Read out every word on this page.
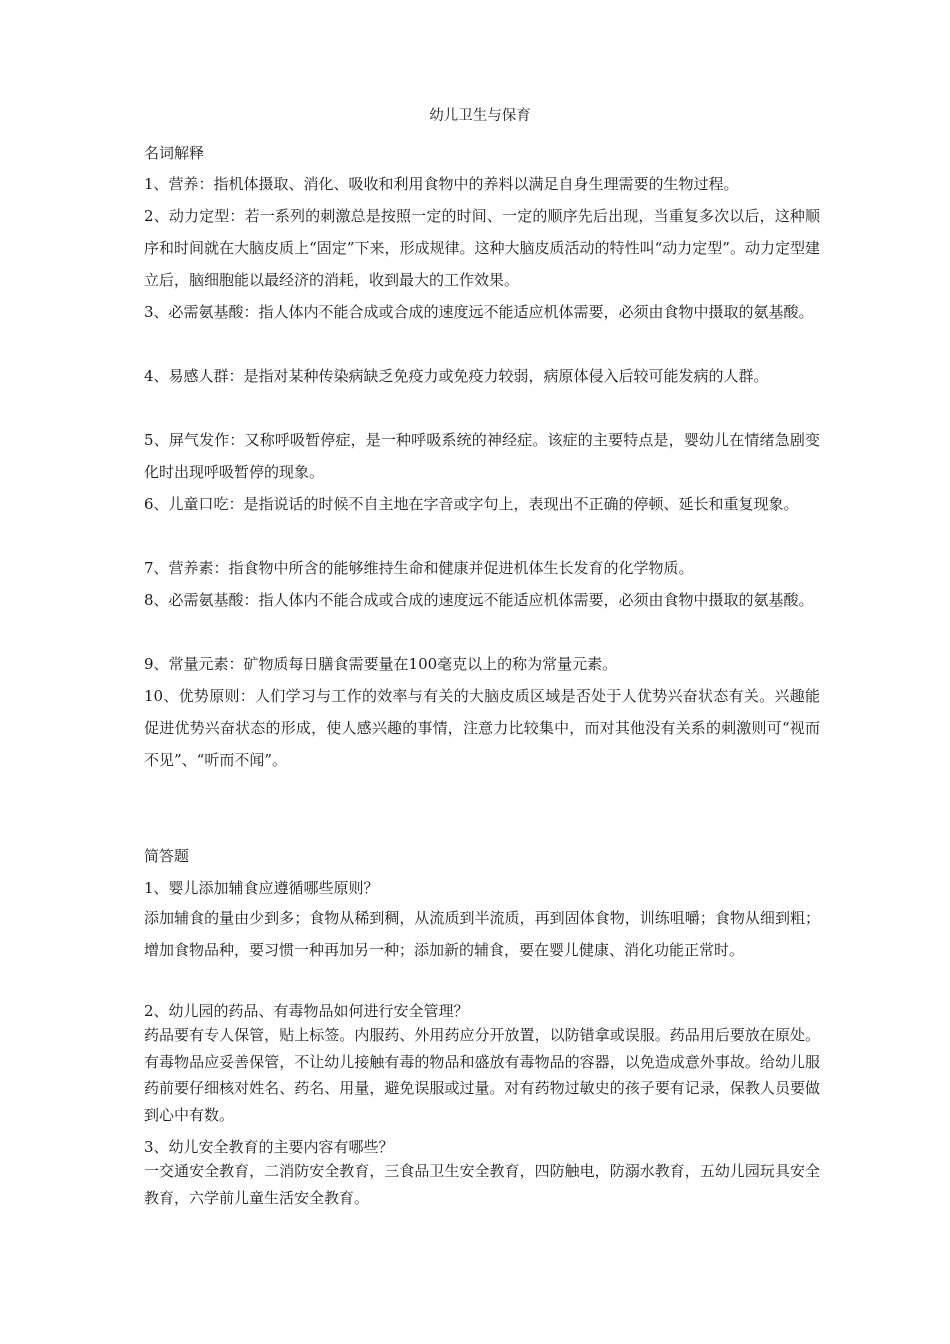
幼儿卫生与保育
名词解释

1、营养：指机体摄取、消化、吸收和利用食物中的养料以满足自身生理需要的生物过程。

2、动力定型：若一系列的刺激总是按照一定的时间、一定的顺序先后出现，当重复多次以后，这种顺序和时间就在大脑皮质上“固定”下来，形成规律。这种大脑皮质活动的特性叫“动力定型”。动力定型建立后，脑细胞能以最经济的消耗，收到最大的工作效果。

3、必需氨基酸：指人体内不能合成或合成的速度远不能适应机体需要，必须由食物中摄取的氨基酸。

4、易感人群：是指对某种传染病缺乏免疫力或免疫力较弱，病原体侵入后较可能发病的人群。

5、屏气发作：又称呼吸暂停症，是一种呼吸系统的神经症。该症的主要特点是，婴幼儿在情绪急剧变化时出现呼吸暂停的现象。

6、儿童口吃：是指说话的时候不自主地在字音或字句上，表现出不正确的停顿、延长和重复现象。

7、营养素：指食物中所含的能够维持生命和健康并促进机体生长发育的化学物质。

8、必需氨基酸：指人体内不能合成或合成的速度远不能适应机体需要，必须由食物中摄取的氨基酸。

9、常量元素：矿物质每日膳食需要量在100毫克以上的称为常量元素。

10、优势原则：人们学习与工作的效率与有关的大脑皮质区域是否处于人优势兴奋状态有关。兴趣能促进优势兴奋状态的形成，使人感兴趣的事情，注意力比较集中，而对其他没有关系的刺激则可“视而不见”、“听而不闻”。

简答题
1、婴儿添加辅食应遵循哪些原则？

添加辅食的量由少到多；食物从稀到稠，从流质到半流质，再到固体食物，训练咀嚼；食物从细到粗；增加食物品种，要习惯一种再加另一种；添加新的辅食，要在婴儿健康、消化功能正常时。

2、幼儿园的药品、有毒物品如何进行安全管理？

药品要有专人保管，贴上标签。内服药、外用药应分开放置，以防错拿或误服。药品用后要放在原处。有毒物品应妥善保管，不让幼儿接触有毒的物品和盛放有毒物品的容器，以免造成意外事故。给幼儿服药前要仔细核对姓名、药名、用量，避免误服或过量。对有药物过敏史的孩子要有记录，保教人员要做到心中有数。

3、幼儿安全教育的主要内容有哪些？

一交通安全教育，二消防安全教育，三食品卫生安全教育，四防触电，防溺水教育，五幼儿园玩具安全教育，六学前儿童生活安全教育。
